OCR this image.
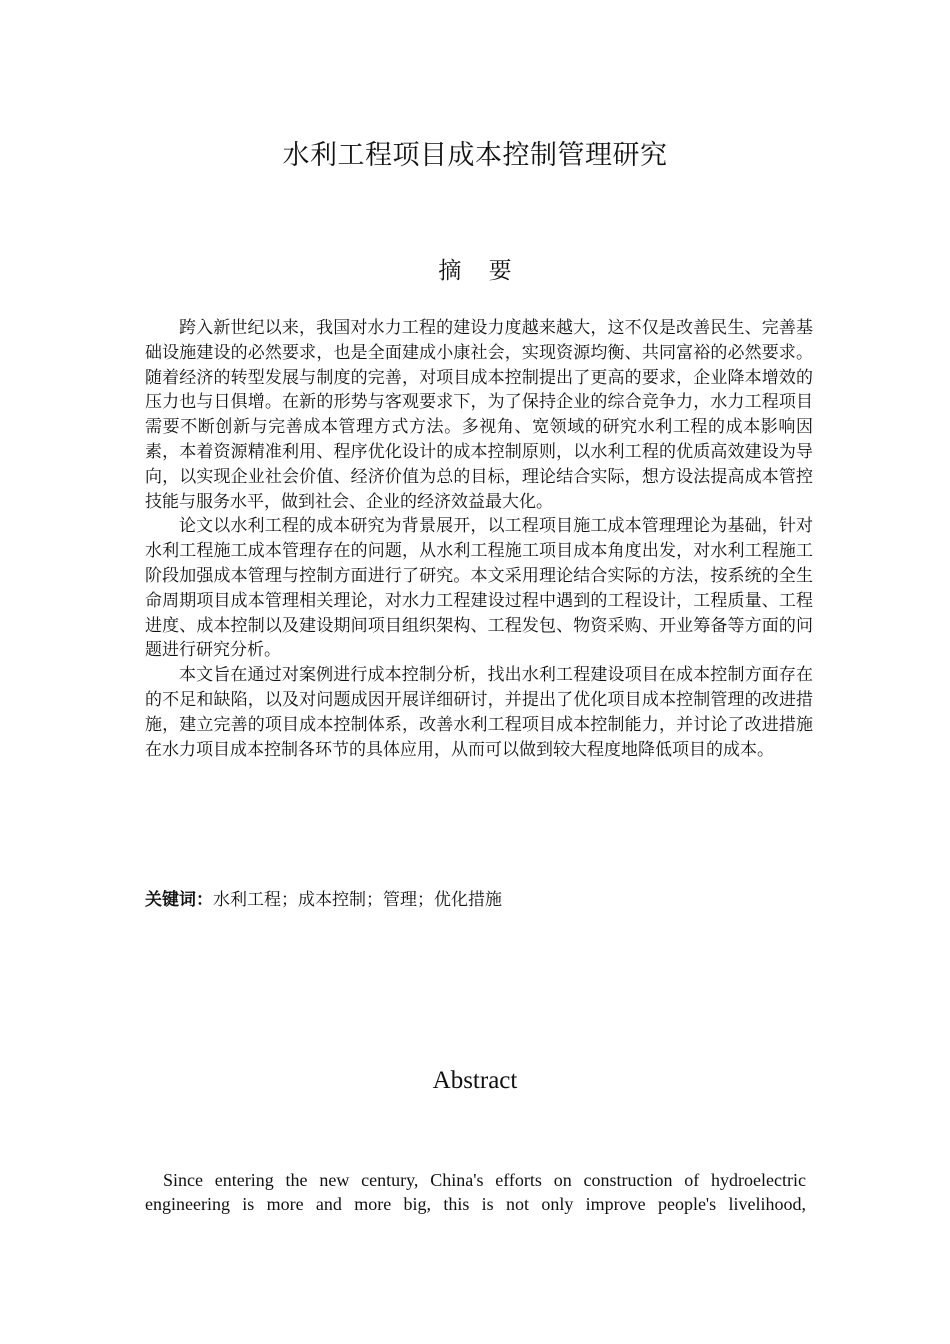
水利工程项目成本控制管理研究
摘 要

跨入新世纪以来，我国对水力工程的建设力度越来越大，这不仅是改善民生、完善基础设施建设的必然要求，也是全面建成小康社会，实现资源均衡、共同富裕的必然要求。随着经济的转型发展与制度的完善，对项目成本控制提出了更高的要求，企业降本增效的压力也与日俱增。在新的形势与客观要求下，为了保持企业的综合竞争力，水力工程项目需要不断创新与完善成本管理方式方法。多视角、宽领域的研究水利工程的成本影响因素，本着资源精准利用、程序优化设计的成本控制原则，以水利工程的优质高效建设为导向，以实现企业社会价值、经济价值为总的目标，理论结合实际，想方设法提高成本管控技能与服务水平，做到社会、企业的经济效益最大化。

论文以水利工程的成本研究为背景展开，以工程项目施工成本管理理论为基础，针对水利工程施工成本管理存在的问题，从水利工程施工项目成本角度出发，对水利工程施工阶段加强成本管理与控制方面进行了研究。本文采用理论结合实际的方法，按系统的全生命周期项目成本管理相关理论，对水力工程建设过程中遇到的工程设计，工程质量、工程进度、成本控制以及建设期间项目组织架构、工程发包、物资采购、开业筹备等方面的问题进行研究分析。

本文旨在通过对案例进行成本控制分析，找出水利工程建设项目在成本控制方面存在的不足和缺陷，以及对问题成因开展详细研讨，并提出了优化项目成本控制管理的改进措施，建立完善的项目成本控制体系，改善水利工程项目成本控制能力，并讨论了改进措施在水力项目成本控制各环节的具体应用，从而可以做到较大程度地降低项目的成本。

关键词：水利工程；成本控制；管理；优化措施
Abstract

Since entering the new century, China's efforts on construction of hydroelectric engineering is more and more big, this is not only improve people's livelihood,
